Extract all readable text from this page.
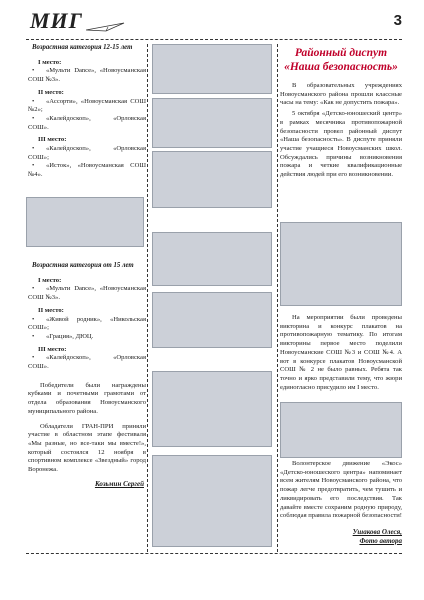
МИГ	3
Возрастная категория 12-15 лет
I место:
• «Мульти Dance», «Новоусманская СОШ №3».
II место:
• «Ассорти», «Новоусманская СОШ №2»;
• «Калейдоскоп», «Орловская СОШ».
III место:
• «Калейдоскоп», «Орловская СОШ»;
• «Исток», «Новоусманская СОШ №4».
Возрастная категория от 15 лет
I место:
• «Мульти Dance», «Новоусманская СОШ №3».
II место:
• «Живой родник», «Никольская СОШ»;
• «Грация», ДЮЦ.
III место:
• «Калейдоскоп», «Орловская СОШ».

Победители были награждены кубками и почетными грамотами от отдела образования Новоусманского муниципального района.

Обладатели ГРАН-ПРИ приняли участие в областном этапе фестиваля «Мы разные, но все-таки мы вместе!», который состоялся 12 ноября в спортивном комплексе «Звездный» город Воронежа.

Козьмин Сергей
Районный диспут
«Наша безопасность»

В образовательных учреждениях Новоусманского района прошли классные часы на тему: «Как не допустить пожара».

5 октября «Детско-юношеский центр» в рамках месячника противопожарной безопасности провел районный диспут «Наша безопасность». В диспуте приняли участие учащиеся Новоусманских школ. Обсуждались причины возникновения пожара и четкие квалификационные действия людей при его возникновении.

На мероприятии были проведены викторина и конкурс плакатов на противопожарную тематику. По итогам викторины первое место поделили Новоусманские СОШ №3 и СОШ №4. А вот в конкурсе плакатов Новоусманской СОШ № 2 не было равных. Ребята так точно и ярко представили тему, что жюри единогласно присудило им I место.

Волонтерское движение «Экос» «Детско-юношеского центра» напоминает всем жителям Новоусманского района, что пожар легче предотвратить, чем тушить и ликвидировать его последствия. Так давайте вместе сохраним родную природу, соблюдая правила пожарной безопасности!

Ушакова Олеся,
Фото автора
